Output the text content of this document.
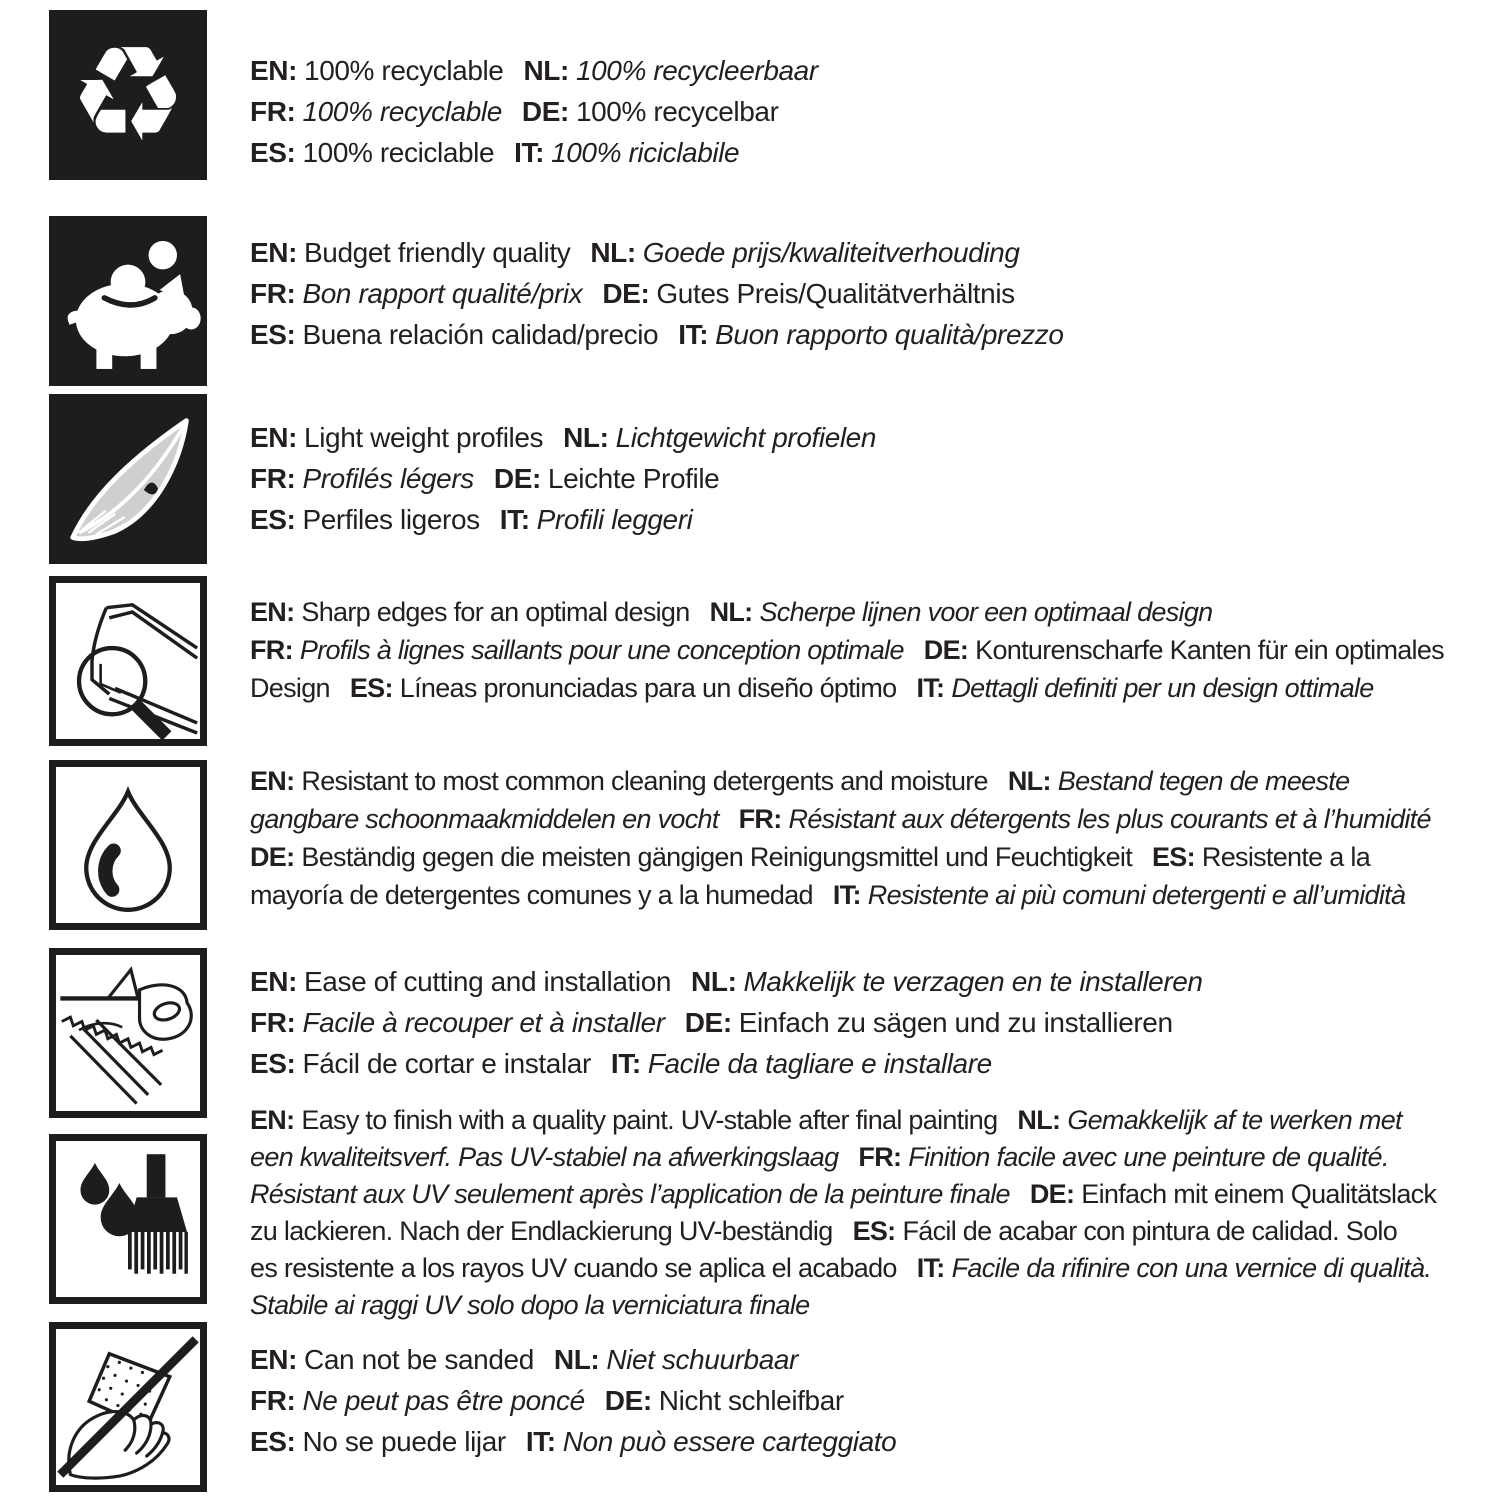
♻	EN: 100% recyclable NL: 100% recycleerbaar
FR: 100% recyclable DE: 100% recycelbar
ES: 100% reciclable IT: 100% riciclabile
EN: Budget friendly quality NL: Goede prijs/kwaliteitverhouding
FR: Bon rapport qualité/prix DE: Gutes Preis/Qualitätverhältnis
ES: Buena relación calidad/precio IT: Buon rapporto qualità/prezzo
EN: Light weight profiles NL: Lichtgewicht profielen
FR: Profilés légers DE: Leichte Profile
ES: Perfiles ligeros IT: Profili leggeri
EN: Sharp edges for an optimal design NL: Scherpe lijnen voor een optimaal design
FR: Profils à lignes saillants pour une conception optimale DE: Konturenscharfe Kanten für ein optimales
Design ES: Líneas pronunciadas para un diseño óptimo IT: Dettagli definiti per un design ottimale
EN: Resistant to most common cleaning detergents and moisture NL: Bestand tegen de meeste
gangbare schoonmaakmiddelen en vocht FR: Résistant aux détergents les plus courants et à l’humidité
DE: Beständig gegen die meisten gängigen Reinigungsmittel und Feuchtigkeit ES: Resistente a la
mayoría de detergentes comunes y a la humedad IT: Resistente ai più comuni detergenti e all’umidità
EN: Ease of cutting and installation NL: Makkelijk te verzagen en te installeren
FR: Facile à recouper et à installer DE: Einfach zu sägen und zu installieren
ES: Fácil de cortar e instalar IT: Facile da tagliare e installare
EN: Easy to finish with a quality paint. UV-stable after final painting NL: Gemakkelijk af te werken met
een kwaliteitsverf. Pas UV-stabiel na afwerkingslaag FR: Finition facile avec une peinture de qualité.
Résistant aux UV seulement après l’application de la peinture finale DE: Einfach mit einem Qualitätslack
zu lackieren. Nach der Endlackierung UV-beständig ES: Fácil de acabar con pintura de calidad. Solo
es resistente a los rayos UV cuando se aplica el acabado IT: Facile da rifinire con una vernice di qualità.
Stabile ai raggi UV solo dopo la verniciatura finale
EN: Can not be sanded NL: Niet schuurbaar
FR: Ne peut pas être poncé DE: Nicht schleifbar
ES: No se puede lijar IT: Non può essere carteggiato
